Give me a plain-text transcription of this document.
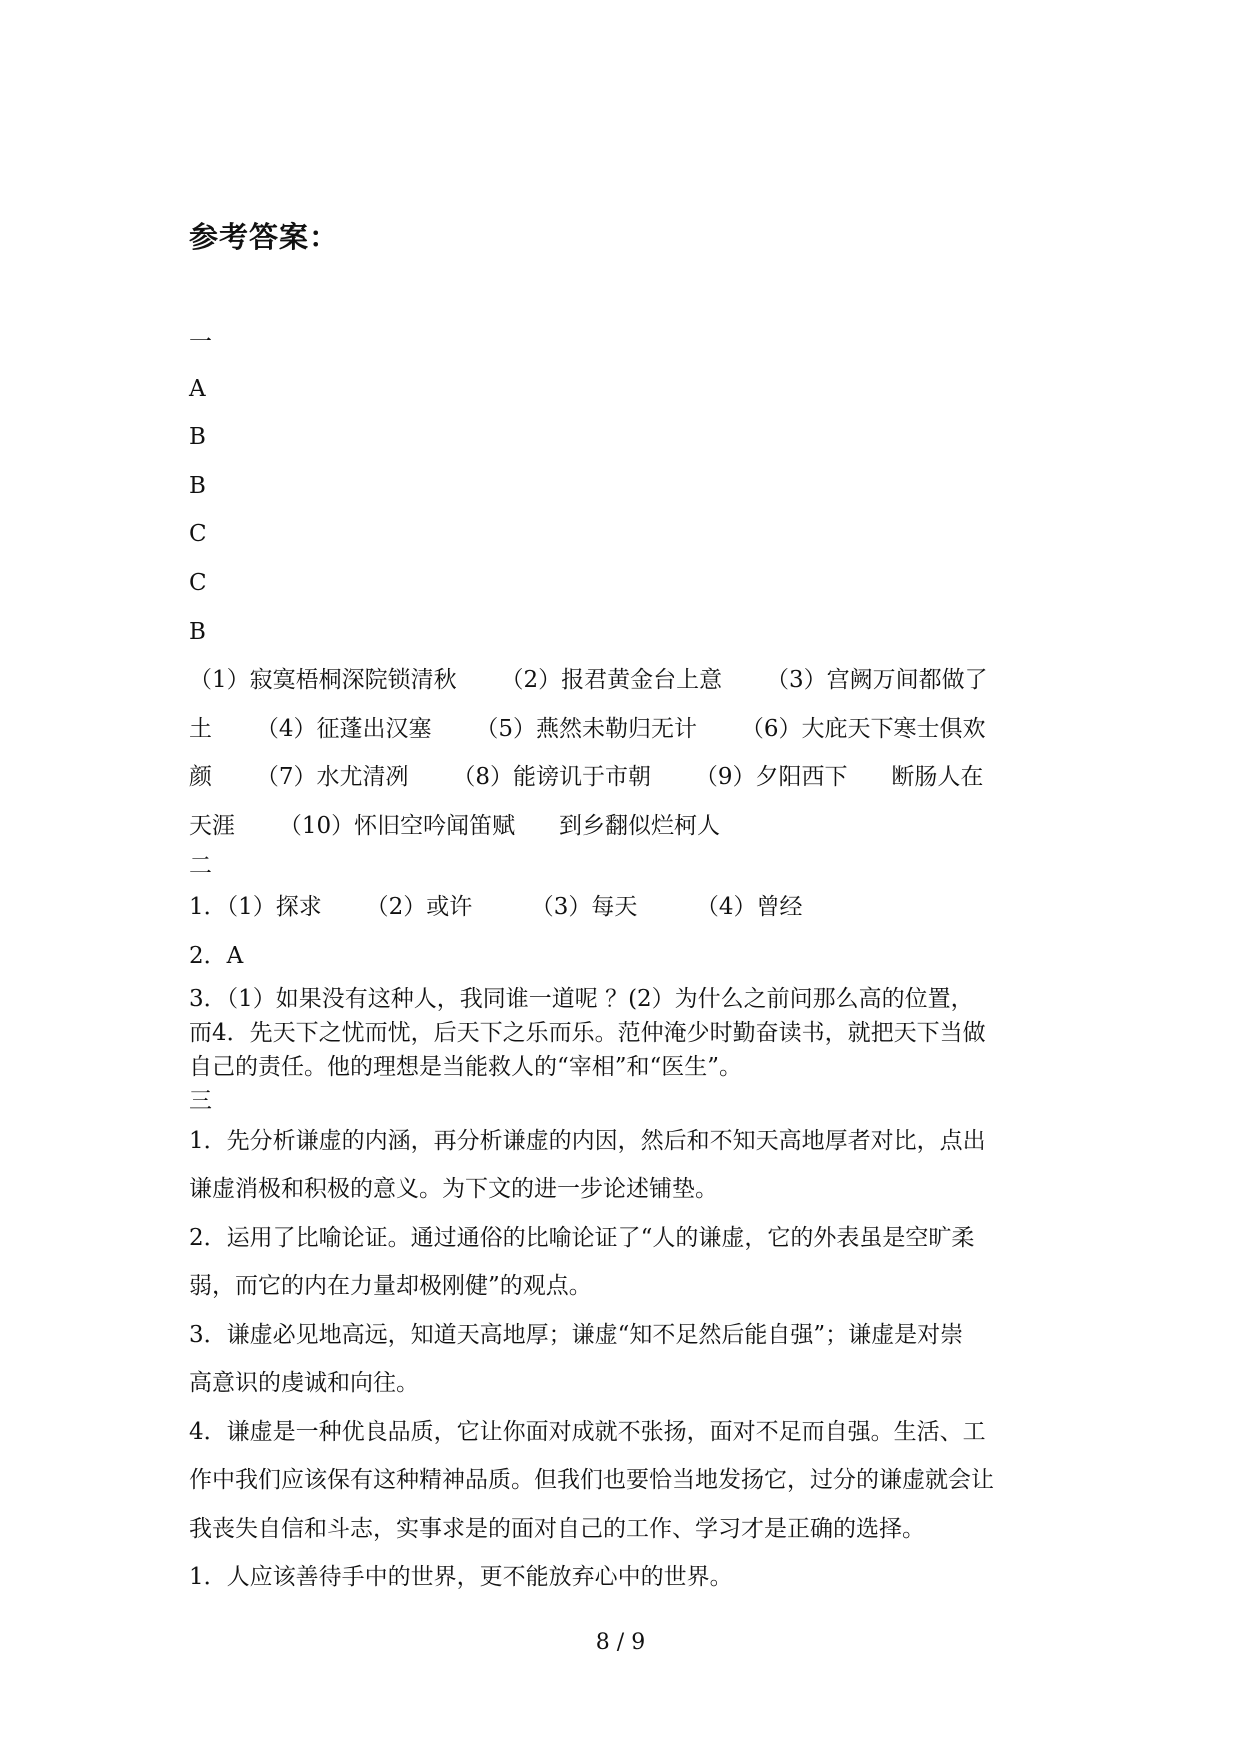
参考答案：
一
A
B
B
C
C
B
（1）寂寞梧桐深院锁清秋      （2）报君黄金台上意      （3）宫阙万间都做了
土      （4）征蓬出汉塞      （5）燕然未勒归无计      （6）大庇天下寒士俱欢
颜      （7）水尤清冽      （8）能谤讥于市朝      （9）夕阳西下      断肠人在
天涯      （10）怀旧空吟闻笛赋      到乡翻似烂柯人
二
1．（1）探求      （2）或许        （3）每天        （4）曾经
2．A
3．（1）如果没有这种人，我同谁一道呢 ？(2）为什么之前问那么高的位置，
而4．先天下之忧而忧，后天下之乐而乐。范仲淹少时勤奋读书，就把天下当做
自己的责任。他的理想是当能救人的“宰相”和“医生”。
三
1．先分析谦虚的内涵，再分析谦虚的内因，然后和不知天高地厚者对比，点出
谦虚消极和积极的意义。为下文的进一步论述铺垫。
2．运用了比喻论证。通过通俗的比喻论证了“人的谦虚，它的外表虽是空旷柔
弱，而它的内在力量却极刚健”的观点。
3．谦虚必见地高远，知道天高地厚；谦虚“知不足然后能自强”；谦虚是对崇
高意识的虔诚和向往。
4．谦虚是一种优良品质，它让你面对成就不张扬，面对不足而自强。生活、工
作中我们应该保有这种精神品质。但我们也要恰当地发扬它，过分的谦虚就会让
我丧失自信和斗志，实事求是的面对自己的工作、学习才是正确的选择。
1．人应该善待手中的世界，更不能放弃心中的世界。
8 / 9
